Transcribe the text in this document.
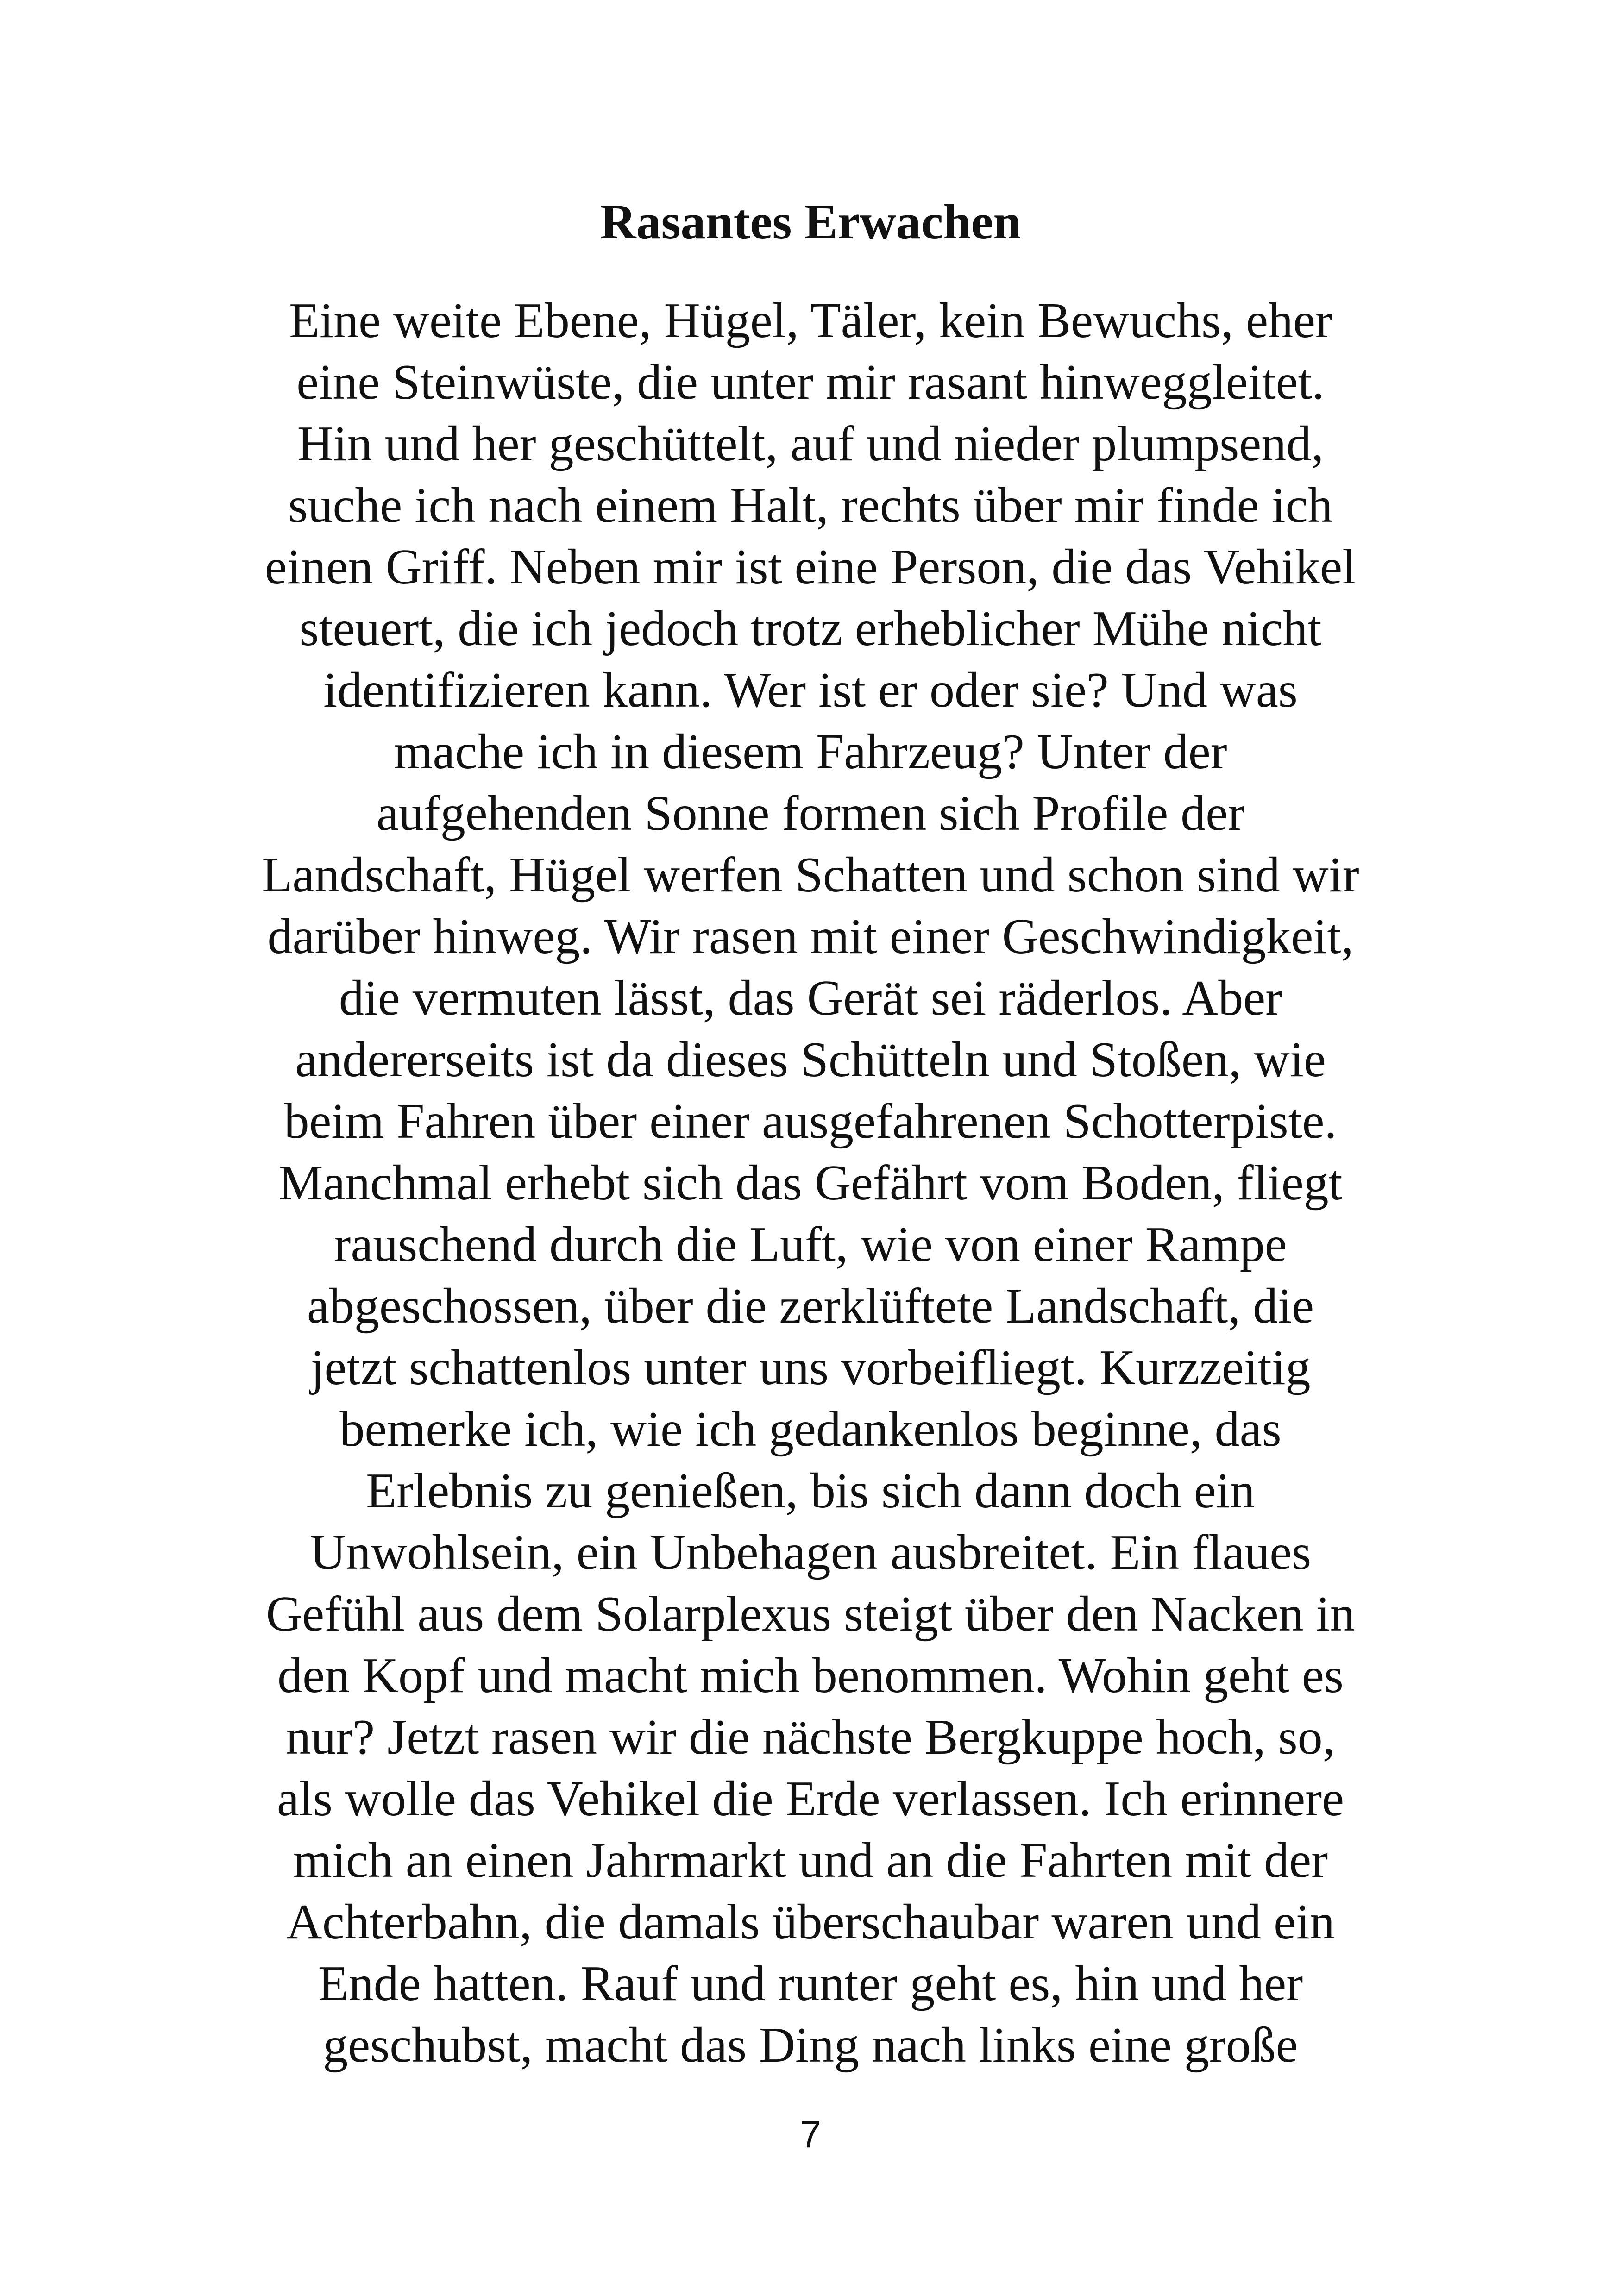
Rasantes Erwachen
Eine weite Ebene, Hügel, Täler, kein Bewuchs, eher
eine Steinwüste, die unter mir rasant hinweggleitet.
Hin und her geschüttelt, auf und nieder plumpsend,
suche ich nach einem Halt, rechts über mir finde ich
einen Griff. Neben mir ist eine Person, die das Vehikel
steuert, die ich jedoch trotz erheblicher Mühe nicht
identifizieren kann. Wer ist er oder sie? Und was
mache ich in diesem Fahrzeug? Unter der
aufgehenden Sonne formen sich Profile der
Landschaft, Hügel werfen Schatten und schon sind wir
darüber hinweg. Wir rasen mit einer Geschwindigkeit,
die vermuten lässt, das Gerät sei räderlos. Aber
andererseits ist da dieses Schütteln und Stoßen, wie
beim Fahren über einer ausgefahrenen Schotterpiste.
Manchmal erhebt sich das Gefährt vom Boden, fliegt
rauschend durch die Luft, wie von einer Rampe
abgeschossen, über die zerklüftete Landschaft, die
jetzt schattenlos unter uns vorbeifliegt. Kurzzeitig
bemerke ich, wie ich gedankenlos beginne, das
Erlebnis zu genießen, bis sich dann doch ein
Unwohlsein, ein Unbehagen ausbreitet. Ein flaues
Gefühl aus dem Solarplexus steigt über den Nacken in
den Kopf und macht mich benommen. Wohin geht es
nur? Jetzt rasen wir die nächste Bergkuppe hoch, so,
als wolle das Vehikel die Erde verlassen. Ich erinnere
mich an einen Jahrmarkt und an die Fahrten mit der
Achterbahn, die damals überschaubar waren und ein
Ende hatten. Rauf und runter geht es, hin und her
geschubst, macht das Ding nach links eine große
7
